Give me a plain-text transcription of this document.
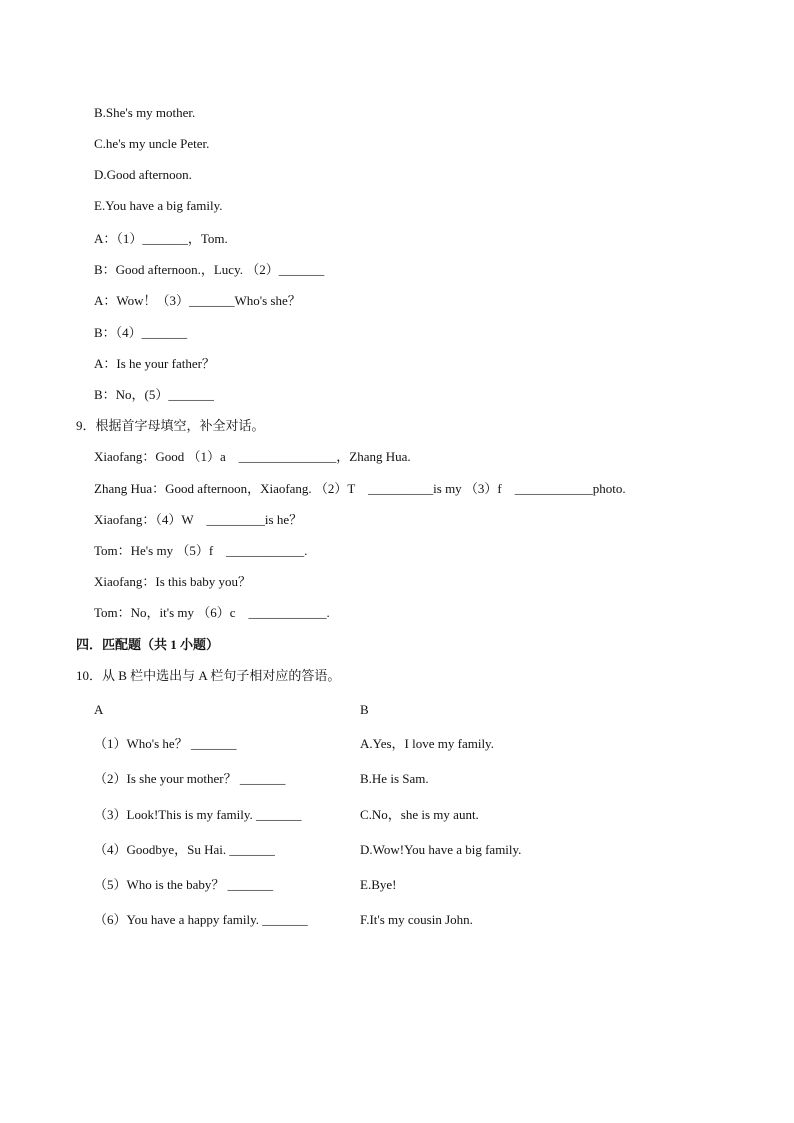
B.She's my mother.
C.he's my uncle Peter.
D.Good afternoon.
E.You have a big family.
A：（1）_______，Tom.
B：Good afternoon.，Lucy. （2）_______
A：Wow！（3）_______Who's she？
B：（4）_______
A：Is he your father？
B：No，(5）_______
9．根据首字母填空，补全对话。
Xiaofang：Good （1）a　_______________，Zhang Hua.
Zhang Hua：Good afternoon，Xiaofang. （2）T　__________is my （3）f　____________photo.
Xiaofang：（4）W　_________is he？
Tom：He's my （5）f　____________.
Xiaofang：Is this baby you？
Tom：No，it's my （6）c　____________.
四．匹配题（共 1 小题）
10．从 B 栏中选出与 A 栏句子相对应的答语。
A	B
（1）Who's he？ _______	A.Yes，I love my family.
（2）Is she your mother？ _______	B.He is Sam.
（3）Look!This is my family. _______	C.No，she is my aunt.
（4）Goodbye，Su Hai. _______	D.Wow!You have a big family.
（5）Who is the baby？ _______	E.Bye!
（6）You have a happy family. _______	F.It's my cousin John.
